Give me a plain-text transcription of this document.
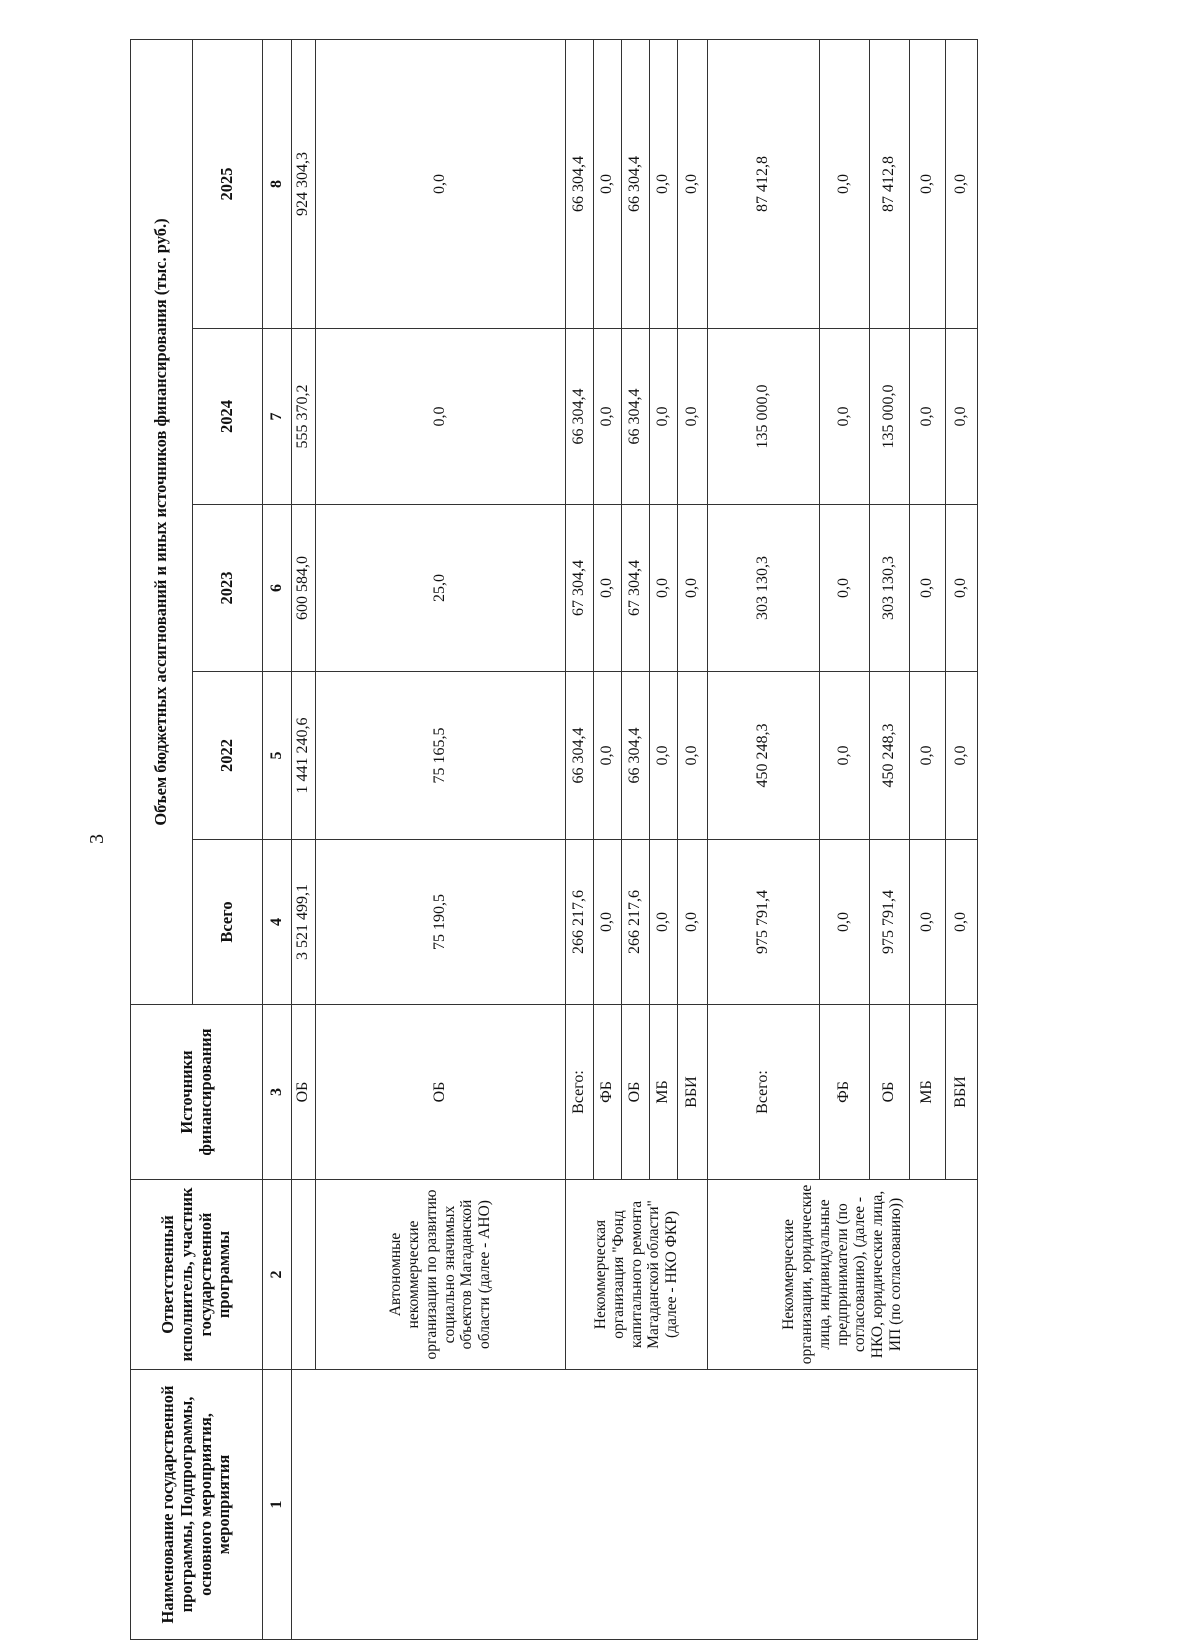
3
Наименование государственной программы, Подпрограммы, основного мероприятия, мероприятия	Ответственный исполнитель, участник государственной программы	Источники финансирования	Объем бюджетных ассигнований и иных источников финансирования (тыс. руб.)				
			Всего	2022	2023	2024	2025
1	2	3	4	5	6	7	8
		ОБ	3 521 499,1	1 441 240,6	600 584,0	555 370,2	924 304,3
	Автономные некоммерческие организации по развитию социально значимых объектов Магаданской области (далее - АНО)	ОБ	75 190,5	75 165,5	25,0	0,0	0,0
	Некоммерческая организация "Фонд капитального ремонта Магаданской области" (далее - НКО ФКР)	Всего:	266 217,6	66 304,4	67 304,4	66 304,4	66 304,4
		ФБ	0,0	0,0	0,0	0,0	0,0
		ОБ	266 217,6	66 304,4	67 304,4	66 304,4	66 304,4
		МБ	0,0	0,0	0,0	0,0	0,0
		ВБИ	0,0	0,0	0,0	0,0	0,0
	Некоммерческие организации, юридические лица, индивидуальные предприниматели (по согласованию), (далее - НКО, юридические лица, ИП (по согласованию))	Всего:	975 791,4	450 248,3	303 130,3	135 000,0	87 412,8
		ФБ	0,0	0,0	0,0	0,0	0,0
		ОБ	975 791,4	450 248,3	303 130,3	135 000,0	87 412,8
		МБ	0,0	0,0	0,0	0,0	0,0
		ВБИ	0,0	0,0	0,0	0,0	0,0
